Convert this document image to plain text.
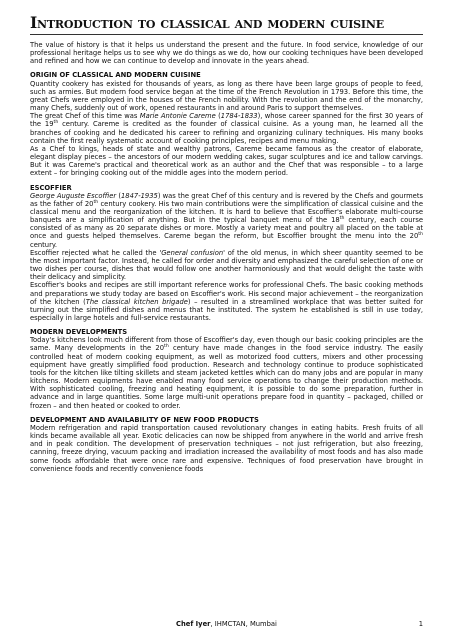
Introduction to classical and modern cuisine

The value of history is that it helps us understand the present and the future. In food service, knowledge of our professional heritage helps us to see why we do things as we do, how our cooking techniques have been developed and refined and how we can continue to develop and innovate in the years ahead.

ORIGIN OF CLASSICAL AND MODERN CUISINE

Quantity cookery has existed for thousands of years, as long as there have been large groups of people to feed, such as armies. But modern food service began at the time of the French Revolution in 1793. Before this time, the great Chefs were employed in the houses of the French nobility. With the revolution and the end of the monarchy, many Chefs, suddenly out of work, opened restaurants in and around Paris to support themselves.

The great Chef of this time was Marie Antonie Careme (1784-1833), whose career spanned for the first 30 years of the 19th century. Careme is credited as the founder of classical cuisine. As a young man, he learned all the branches of cooking and he dedicated his career to refining and organizing culinary techniques. His many books contain the first really systematic account of cooking principles, recipes and menu making.

As a Chef to kings, heads of state and wealthy patrons, Careme became famous as the creator of elaborate, elegant display pieces – the ancestors of our modern wedding cakes, sugar sculptures and ice and tallow carvings. But it was Careme's practical and theoretical work as an author and the Chef that was responsible – to a large extent – for bringing cooking out of the middle ages into the modern period.

ESCOFFIER

George Auguste Escoffier (1847-1935) was the great Chef of this century and is revered by the Chefs and gourmets as the father of 20th century cookery. His two main contributions were the simplification of classical cuisine and the classical menu and the reorganization of the kitchen. It is hard to believe that Escoffier's elaborate multi-course banquets are a simplification of anything. But in the typical banquet menu of the 18th century, each course consisted of as many as 20 separate dishes or more. Mostly a variety meat and poultry all placed on the table at once and guests helped themselves. Careme began the reform, but Escoffier brought the menu into the 20th century.

Escoffier rejected what he called the 'General confusion' of the old menus, in which sheer quantity seemed to be the most important factor. Instead, he called for order and diversity and emphasized the careful selection of one or two dishes per course, dishes that would follow one another harmoniously and that would delight the taste with their delicacy and simplicity.

Escoffier's books and recipes are still important reference works for professional Chefs. The basic cooking methods and preparations we study today are based on Escoffier's work. His second major achievement – the reorganization of the kitchen (The classical kitchen brigade) – resulted in a streamlined workplace that was better suited for turning out the simplified dishes and menus that he instituted. The system he established is still in use today, especially in large hotels and full-service restaurants.

MODERN DEVELOPMENTS

Today's kitchens look much different from those of Escoffier's day, even though our basic cooking principles are the same. Many developments in the 20th century have made changes in the food service industry. The easily controlled heat of modern cooking equipment, as well as motorized food cutters, mixers and other processing equipment have greatly simplified food production. Research and technology continue to produce sophisticated tools for the kitchen like tilting skillets and steam jacketed kettles which can do many jobs and are popular in many kitchens. Modern equipments have enabled many food service operations to change their production methods. With sophisticated cooling, freezing and heating equipment, it is possible to do some preparation, further in advance and in large quantities. Some large multi-unit operations prepare food in quantity – packaged, chilled or frozen – and then heated or cooked to order.

DEVELOPMENT AND AVAILABILITY OF NEW FOOD PRODUCTS

Modern refrigeration and rapid transportation caused revolutionary changes in eating habits. Fresh fruits of all kinds became available all year. Exotic delicacies can now be shipped from anywhere in the world and arrive fresh and in peak condition. The development of preservation techniques – not just refrigeration, but also freezing, canning, freeze drying, vacuum packing and irradiation increased the availability of most foods and has also made some foods affordable that were once rare and expensive. Techniques of food preservation have brought in convenience foods and recently convenience foods

Chef Iyer, IHMCTAN, Mumbai	1
